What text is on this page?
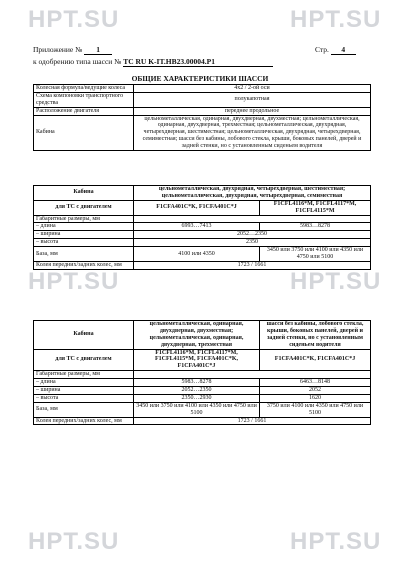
HPT.SU	HPT.SU
HPT.SU	HPT.SU
HPT.SU	HPT.SU
Приложение № 1	Стр. 4
к одобрению типа шасси № TC RU K-IT.HB23.00004.P1
ОБЩИЕ ХАРАКТЕРИСТИКИ ШАССИ
Колесная формула/ведущие колеса	4х2 / 2-ой оси
Схема компоновки транспортного средства	полукапотная
Расположение двигателя	переднее продольное
Кабина	цельнометаллическая, одинарная, двухдверная, двухместная; цельнометаллическая, одинарная, двухдверная, трехместная; цельнометаллическая, двухрядная, четырехдверная, шестиместная; цельнометаллическая, двухрядная, четырехдверная, семиместная; шасси без кабины, лобового стекла, крыши, боковых панелей, дверей и задней стенки, но с установленным сиденьем водителя
Кабина	цельнометаллическая, двухрядная, четырехдверная, шестиместная; цельнометаллическая, двухрядная, четырехдверная, семиместная	
для ТС с двигателем	F1CFA401C*K, F1CFA401C*J	F1CFL4116*M, F1CFL4117*M, F1CFL4115*M
Габаритные размеры, мм		
– длина	6993…7413	5983…8278
– ширина	2052…2350	
– высота	2350	
База, мм	4100 или 4350	3450 или 3750 или 4100 или 4350 или 4750 или 5100
Колея передних/задних колес, мм	1723 / 1661	
Кабина	цельнометаллическая, одинарная, двухдверная, двухместная; цельнометаллическая, одинарная, двухдверная, трехместная	шасси без кабины, лобового стекла, крыши, боковых панелей, дверей и задней стенки, но с установленным сиденьем водителя
для ТС с двигателем	F1CFL4116*M, F1CFL4117*M, F1CFL4115*M, F1CFA401C*K, F1CFA401C*J	F1CFA401C*K, F1CFA401C*J
Габаритные размеры, мм		
– длина	5983…8278	6463…8148
– ширина	2052…2350	2052
– высота	2350…2930	1620
База, мм	3450 или 3750 или 4100 или 4350 или 4750 или 5100	3750 или 4100 или 4350 или 4750 или 5100
Колея передних/задних колес, мм	1723 / 1661	
